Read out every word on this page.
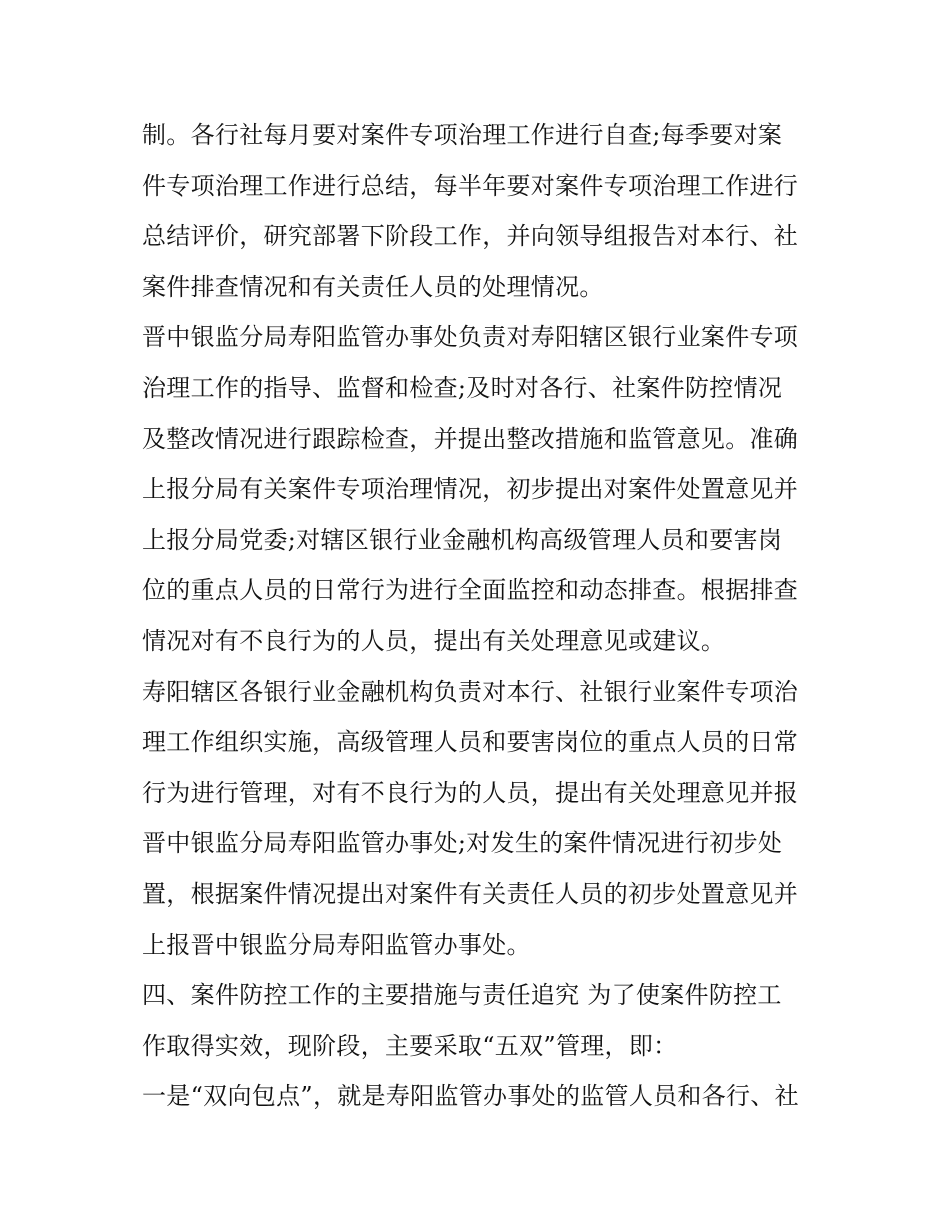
制。各行社每月要对案件专项治理工作进行自查;每季要对案
件专项治理工作进行总结，每半年要对案件专项治理工作进行
总结评价，研究部署下阶段工作，并向领导组报告对本行、社
案件排查情况和有关责任人员的处理情况。
晋中银监分局寿阳监管办事处负责对寿阳辖区银行业案件专项
治理工作的指导、监督和检查;及时对各行、社案件防控情况
及整改情况进行跟踪检查，并提出整改措施和监管意见。准确
上报分局有关案件专项治理情况，初步提出对案件处置意见并
上报分局党委;对辖区银行业金融机构高级管理人员和要害岗
位的重点人员的日常行为进行全面监控和动态排查。根据排查
情况对有不良行为的人员，提出有关处理意见或建议。
寿阳辖区各银行业金融机构负责对本行、社银行业案件专项治
理工作组织实施，高级管理人员和要害岗位的重点人员的日常
行为进行管理，对有不良行为的人员，提出有关处理意见并报
晋中银监分局寿阳监管办事处;对发生的案件情况进行初步处
置，根据案件情况提出对案件有关责任人员的初步处置意见并
上报晋中银监分局寿阳监管办事处。
四、案件防控工作的主要措施与责任追究 为了使案件防控工
作取得实效，现阶段，主要采取“五双”管理，即：
一是“双向包点”，就是寿阳监管办事处的监管人员和各行、社
